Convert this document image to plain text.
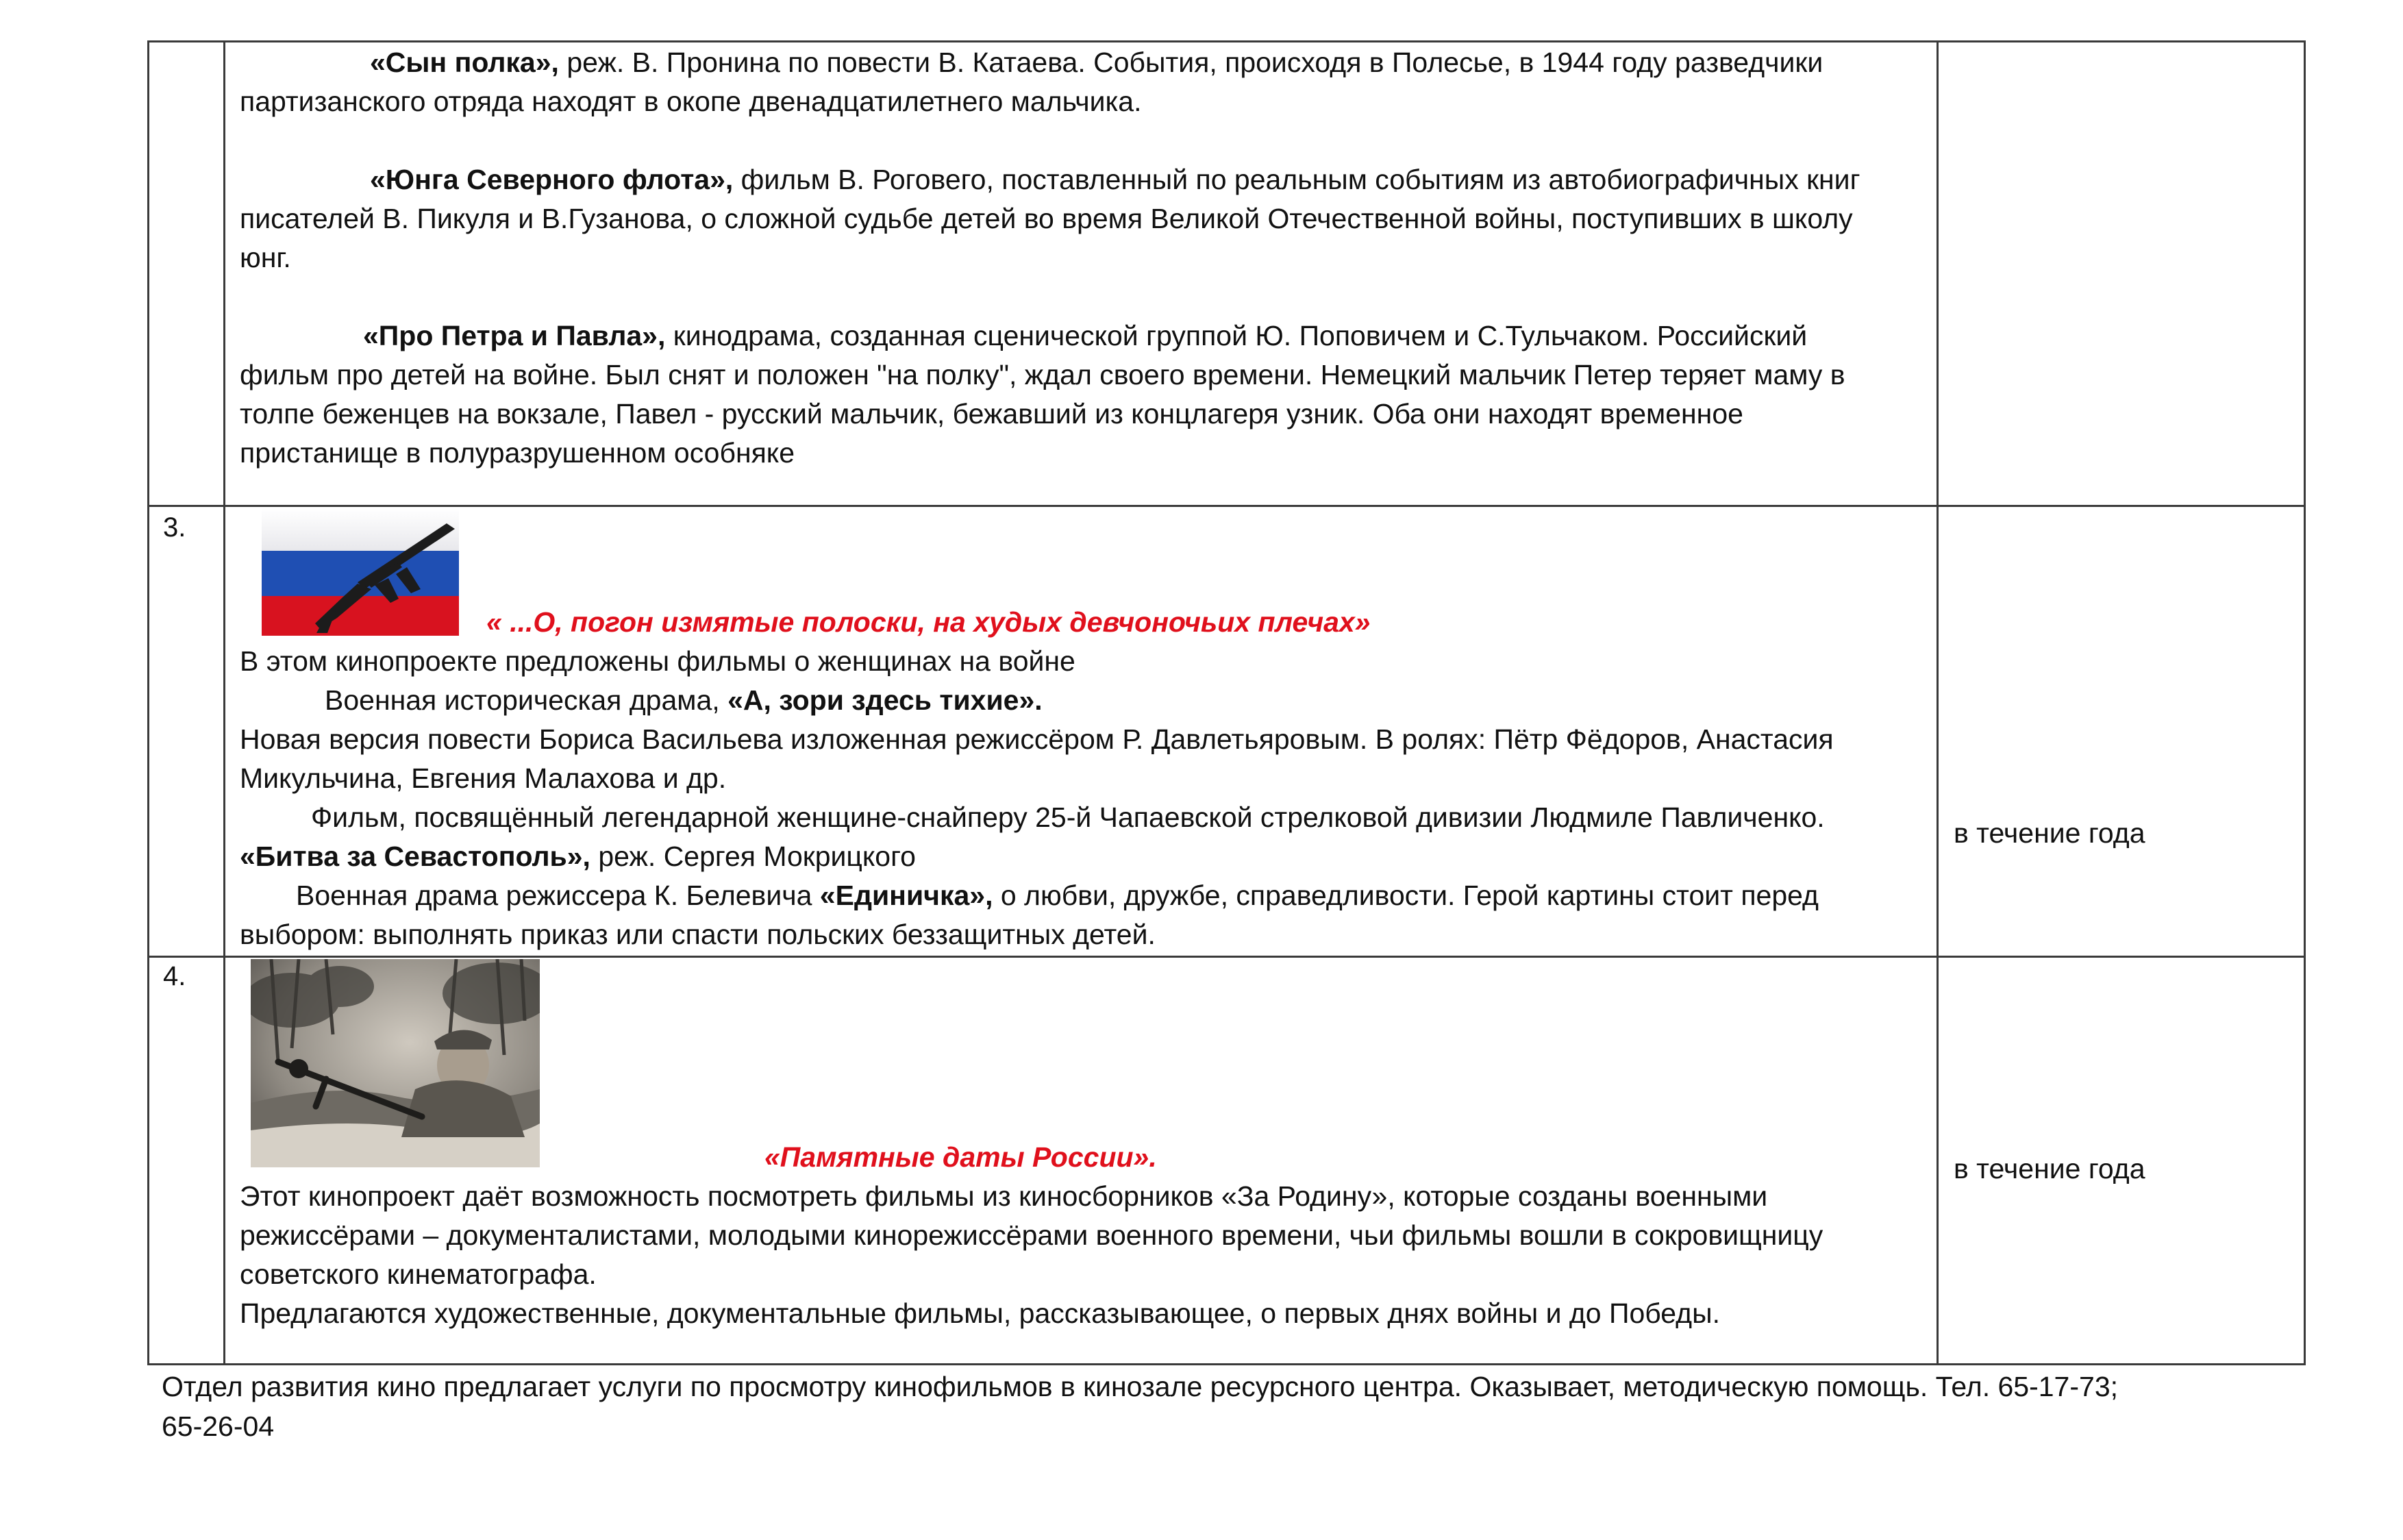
«Сын полка», реж. В. Пронина по повести В. Катаева. События, происходя в Полесье, в 1944 году разведчики

партизанского отряда находят в окопе двенадцатилетнего мальчика.

«Юнга Северного флота», фильм В. Роговего, поставленный по реальным событиям из автобиографичных книг

писателей В. Пикуля и В.Гузанова, о сложной судьбе детей во время Великой Отечественной войны, поступивших в школу

юнг.

«Про Петра и Павла», кинодрама, созданная сценической группой Ю. Поповичем и С.Тульчаком. Российский

фильм про детей на войне. Был снят и положен "на полку", ждал своего времени. Немецкий мальчик Петер теряет маму в

толпе беженцев на вокзале, Павел - русский мальчик, бежавший из концлагеря узник. Оба они находят временное

пристанище в полуразрушенном особняке

3.

« ...О, погон измятые полоски, на худых девчоночьих плечах»

В этом кинопроекте предложены фильмы о женщинах на войне

Военная историческая драма, «А, зори здесь тихие».

Новая версия повести Бориса Васильева изложенная режиссёром Р. Давлетьяровым. В ролях: Пётр Фёдоров, Анастасия

Микульчина, Евгения Малахова и др.

Фильм, посвящённый легендарной женщине-снайперу 25-й Чапаевской стрелковой дивизии Людмиле Павличенко.

«Битва за Севастополь», реж. Сергея Мокрицкого

Военная драма режиссера К. Белевича «Единичка», о любви, дружбе, справедливости. Герой картины стоит перед

выбором: выполнять приказ или спасти польских беззащитных детей.

в течение года
4.

«Памятные даты России».

Этот кинопроект даёт возможность посмотреть фильмы из киносборников «За Родину», которые созданы военными

режиссёрами – документалистами, молодыми кинорежиссёрами военного времени, чьи фильмы вошли в сокровищницу

советского кинематографа.

Предлагаются художественные, документальные фильмы, рассказывающее, о первых днях войны и до Победы.

в течение года

Отдел развития кино предлагает услуги по просмотру кинофильмов в кинозале ресурсного центра. Оказывает, методическую помощь. Тел. 65-17-73;

65-26-04
